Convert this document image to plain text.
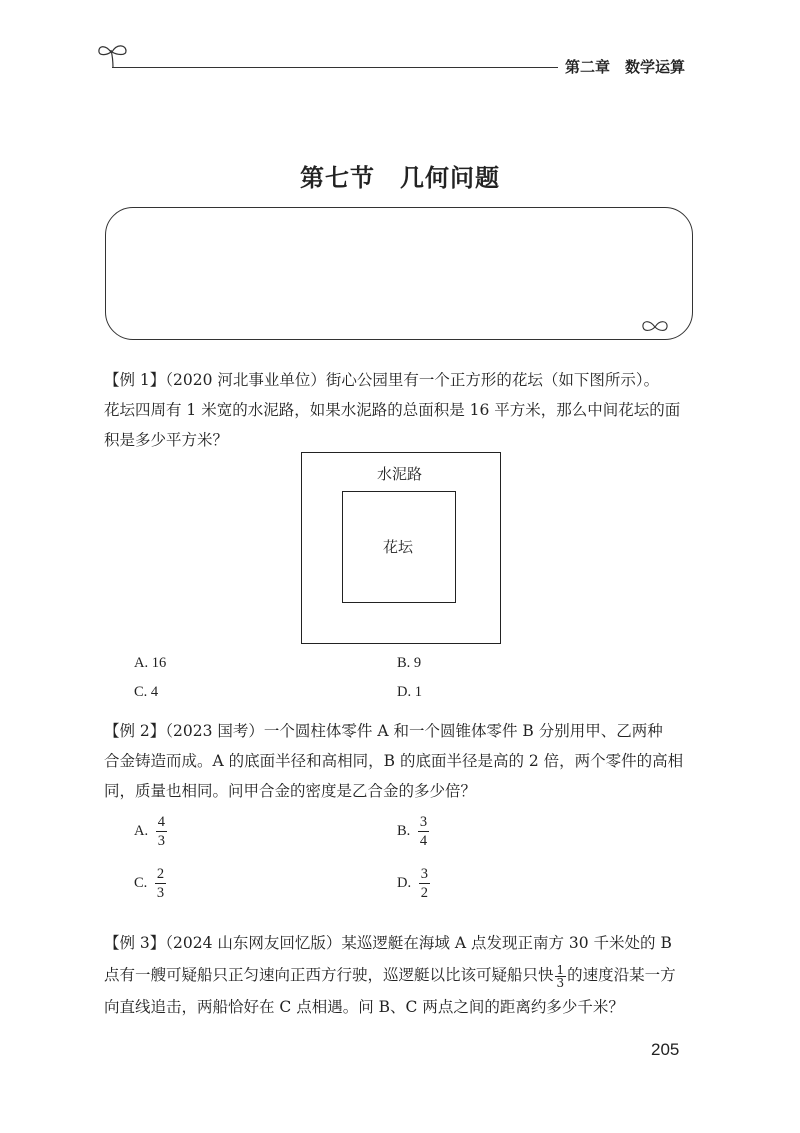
第二章　数学运算
第七节　几何问题

【例 1】（2020 河北事业单位）街心公园里有一个正方形的花坛（如下图所示）。

花坛四周有 1 米宽的水泥路，如果水泥路的总面积是 16 平方米，那么中间花坛的面

积是多少平方米？

水泥路
花坛
A. 16	B. 9
C. 4	D. 1

【例 2】（2023 国考）一个圆柱体零件 A 和一个圆锥体零件 B 分别用甲、乙两种

合金铸造而成。A 的底面半径和高相同，B 的底面半径是高的 2 倍，两个零件的高相

同，质量也相同。问甲合金的密度是乙合金的多少倍？

A. $\frac{4}{3}$	B. $\frac{3}{4}$
C. $\frac{2}{3}$	D. $\frac{3}{2}$

【例 3】（2024 山东网友回忆版）某巡逻艇在海域 A 点发现正南方 30 千米处的 B

点有一艘可疑船只正匀速向正西方行驶，巡逻艇以比该可疑船只快 $\frac{1}{3}$ 的速度沿某一方

向直线追击，两船恰好在 C 点相遇。问 B、C 两点之间的距离约多少千米？

205
